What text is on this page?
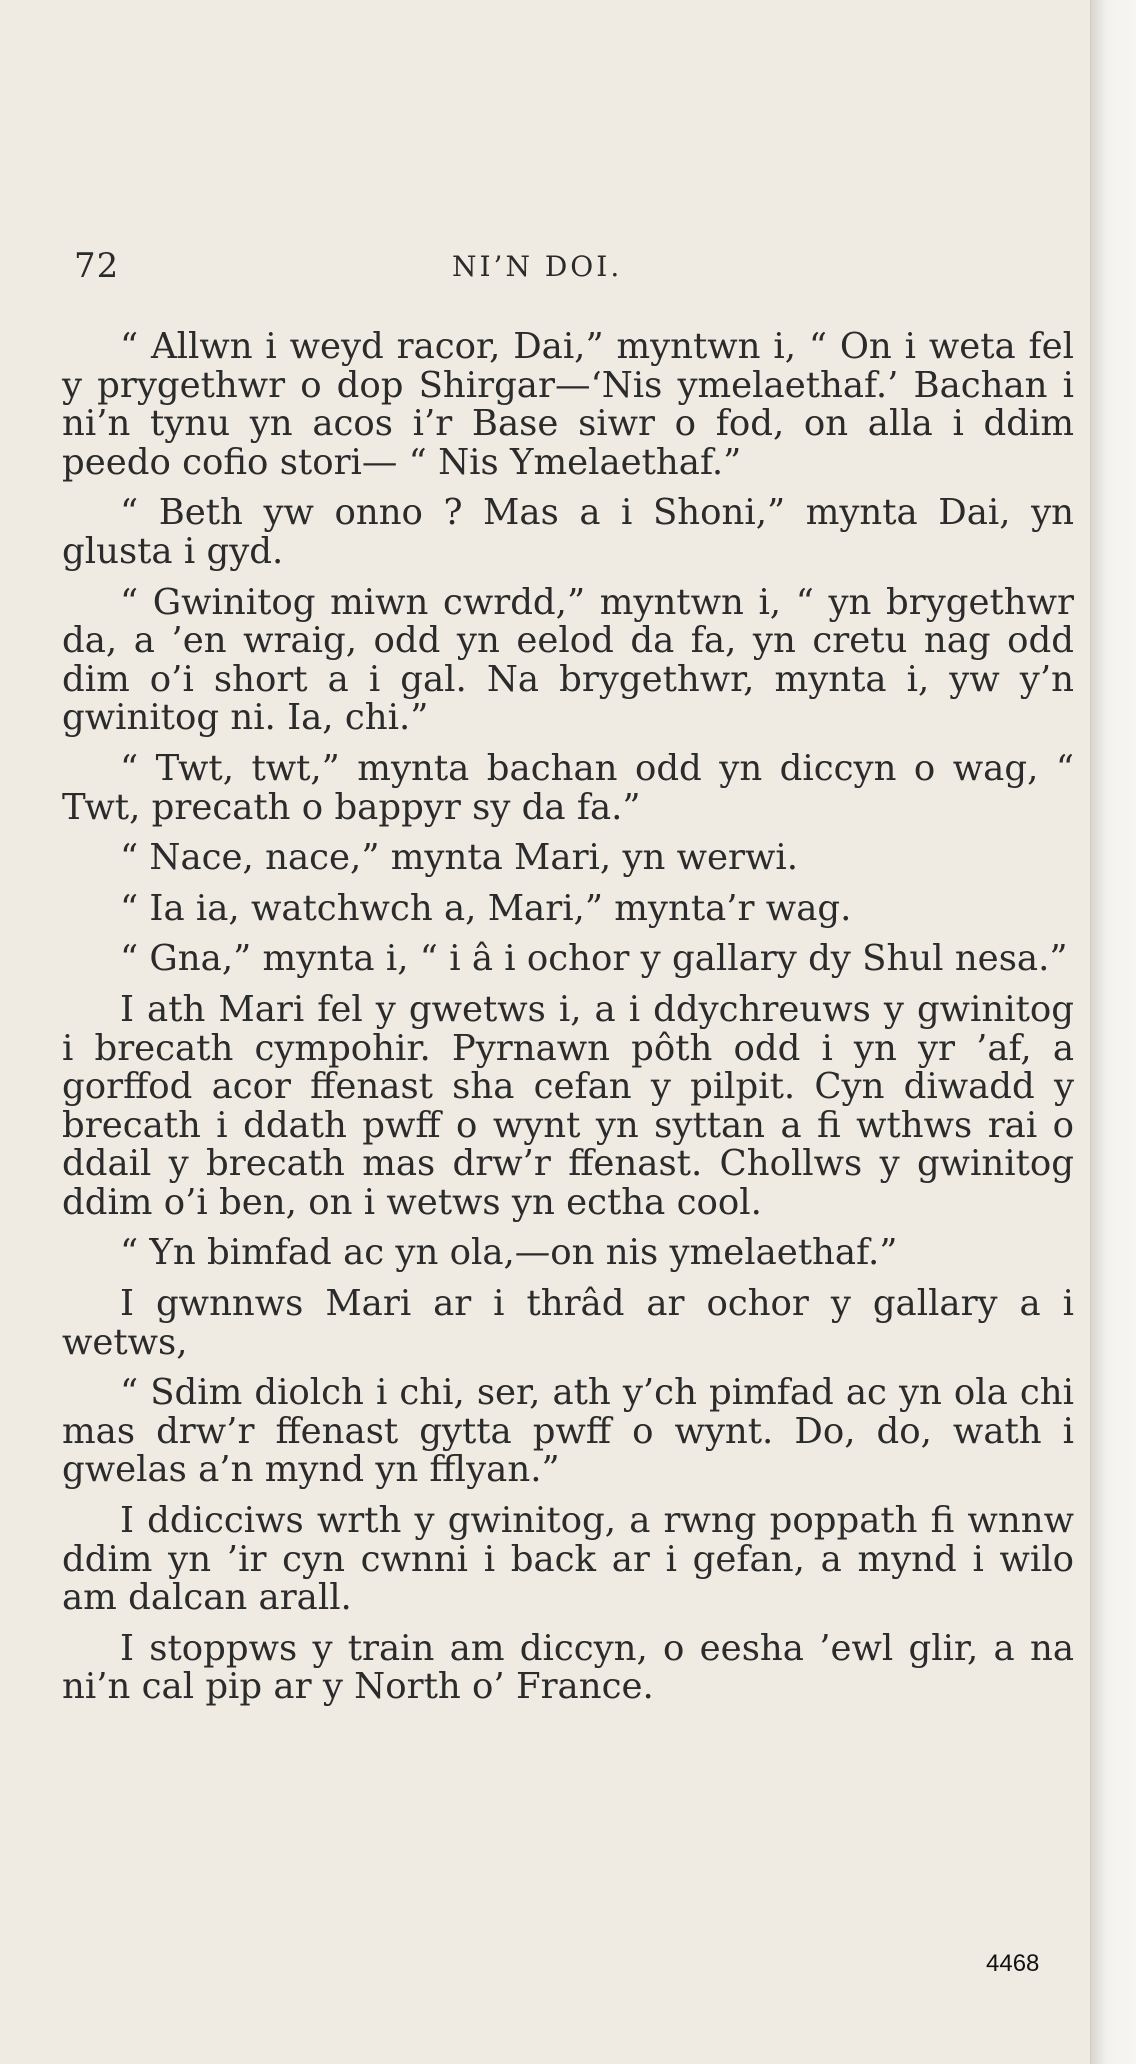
72	NI’N DOI.

“ Allwn i weyd racor, Dai,” myntwn i, “ On i weta fel y prygethwr o dop Shirgar—‘Nis ymelaethaf.’ Bachan i ni’n tynu yn acos i’r Base siwr o fod, on alla i ddim peedo cofio stori— “ Nis Ymelaethaf.”

“ Beth yw onno ? Mas a i Shoni,” mynta Dai, yn glusta i gyd.

“ Gwinitog miwn cwrdd,” myntwn i, “ yn brygethwr da, a ’en wraig, odd yn eelod da fa, yn cretu nag odd dim o’i short a i gal. Na brygethwr, mynta i, yw y’n gwinitog ni. Ia, chi.”

“ Twt, twt,” mynta bachan odd yn diccyn o wag, “ Twt, precath o bappyr sy da fa.”

“ Nace, nace,” mynta Mari, yn werwi.

“ Ia ia, watchwch a, Mari,” mynta’r wag.

“ Gna,” mynta i, “ i â i ochor y gallary dy Shul nesa.”

I ath Mari fel y gwetws i, a i ddychreuws y gwinitog i brecath cympohir. Pyrnawn pôth odd i yn yr ’af, a gorffod acor ffenast sha cefan y pilpit. Cyn diwadd y brecath i ddath pwff o wynt yn syttan a fi wthws rai o ddail y brecath mas drw’r ffenast. Chollws y gwinitog ddim o’i ben, on i wetws yn ectha cool.

“ Yn bimfad ac yn ola,—on nis ymelaethaf.”

I gwnnws Mari ar i thrâd ar ochor y gallary a i wetws,

“ Sdim diolch i chi, ser, ath y’ch pimfad ac yn ola chi mas drw’r ffenast gytta pwff o wynt. Do, do, wath i gwelas a’n mynd yn fflyan.”

I ddicciws wrth y gwinitog, a rwng poppath fi wnnw ddim yn ’ir cyn cwnni i back ar i gefan, a mynd i wilo am dalcan arall.

I stoppws y train am diccyn, o eesha ’ewl glir, a na ni’n cal pip ar y North o’ France.

4468
